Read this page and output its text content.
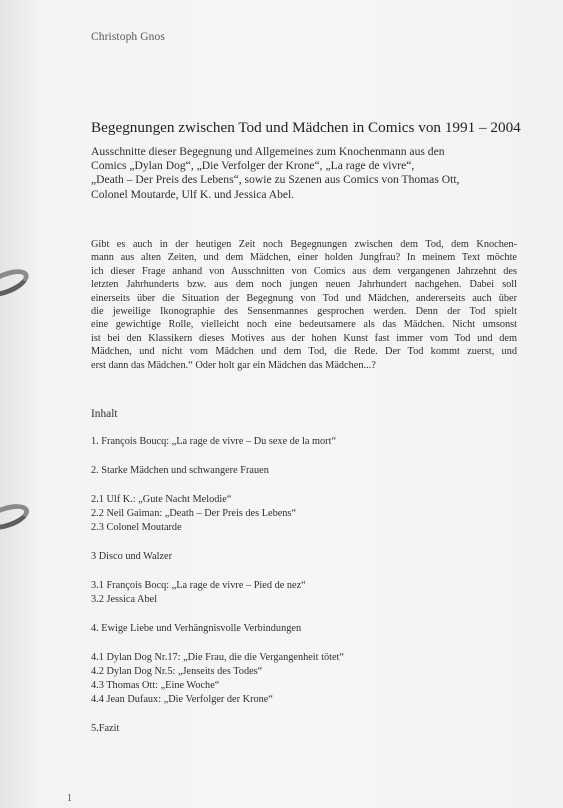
Christoph Gnos
Begegnungen zwischen Tod und Mädchen in Comics von 1991 – 2004
Ausschnitte dieser Begegnung und Allgemeines zum Knochenmann aus den
Comics „Dylan Dog“, „Die Verfolger der Krone“, „La rage de vivre“,
„Death – Der Preis des Lebens“, sowie zu Szenen aus Comics von Thomas Ott,
Colonel Moutarde, Ulf K. und Jessica Abel.
Gibt es auch in der heutigen Zeit noch Begegnungen zwischen dem Tod, dem Knochen-
mann aus alten Zeiten, und dem Mädchen, einer holden Jungfrau? In meinem Text möchte
ich dieser Frage anhand von Ausschnitten von Comics aus dem vergangenen Jahrzehnt des
letzten Jahrhunderts bzw. aus dem noch jungen neuen Jahrhundert nachgehen. Dabei soll
einerseits über die Situation der Begegnung von Tod und Mädchen, andererseits auch über
die jeweilige Ikonographie des Sensenmannes gesprochen werden. Denn der Tod spielt
eine gewichtige Rolle, vielleicht noch eine bedeutsamere als das Mädchen. Nicht umsonst
ist bei den Klassikern dieses Motives aus der hohen Kunst fast immer vom Tod und dem
Mädchen, und nicht vom Mädchen und dem Tod, die Rede. Der Tod kommt zuerst, und
erst dann das Mädchen.“ Oder holt gar ein Mädchen das Mädchen...?
Inhalt
1. François Boucq: „La rage de vivre – Du sexe de la mort“
2. Starke Mädchen und schwangere Frauen
2.1 Ulf K.: „Gute Nacht Melodie“
2.2 Neil Gaiman: „Death – Der Preis des Lebens“
2.3 Colonel Moutarde
3 Disco und Walzer
3.1 François Bocq: „La rage de vivre – Pied de nez“
3.2 Jessica Abel
4. Ewige Liebe und Verhängnisvolle Verbindungen
4.1 Dylan Dog Nr.17: „Die Frau, die die Vergangenheit tötet“
4.2 Dylan Dog Nr.5: „Jenseits des Todes“
4.3 Thomas Ott: „Eine Woche“
4.4 Jean Dufaux: „Die Verfolger der Krone“
5.Fazit
1
